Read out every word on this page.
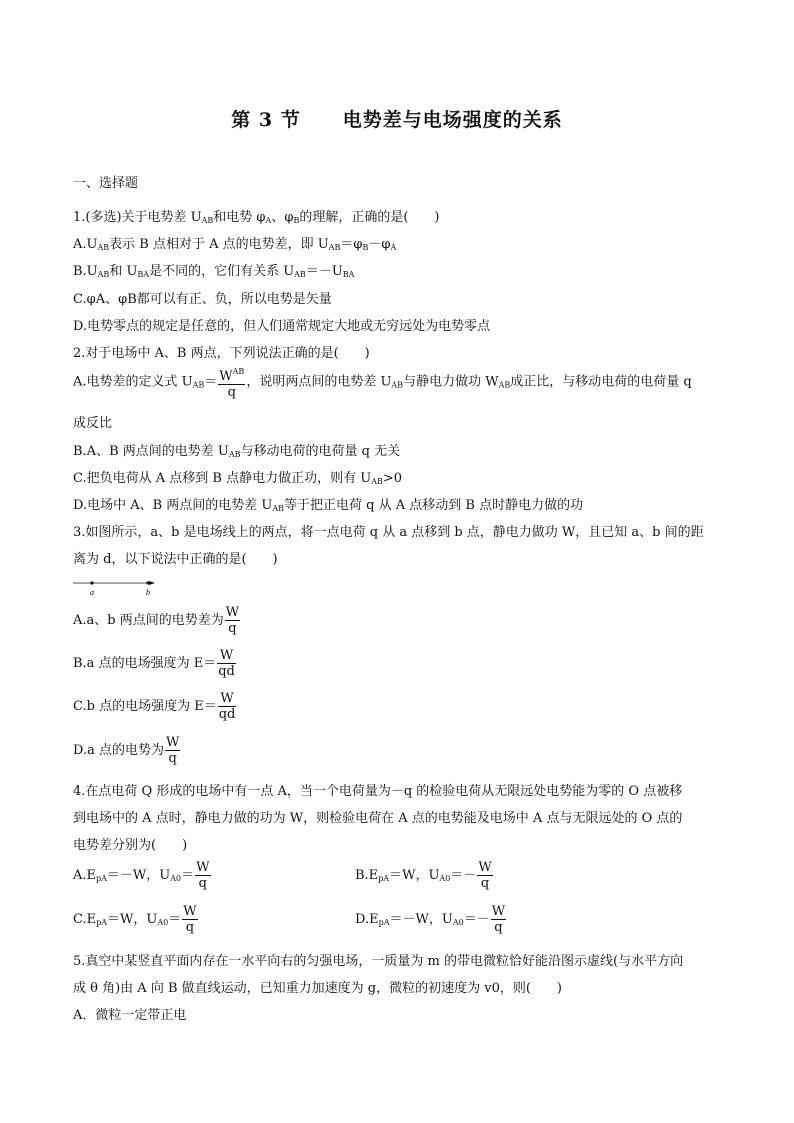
第 3 节 电势差与电场强度的关系
一、选择题
1.(多选)关于电势差 $U_{AB}$和电势 $\varphi_A$、$\varphi_B$的理解，正确的是(　　)
$A.U_{AB}$表示 B 点相对于 A 点的电势差，即 $U_{AB}=\varphi_B-\varphi_A$
$B.U_{AB}$和 $U_{BA}$是不同的，它们有关系 $U_{AB}=-U_{BA}$
C.φA、φB都可以有正、负，所以电势是矢量
D.电势零点的规定是任意的，但人们通常规定大地或无穷远处为电势零点
2.对于电场中 A、B 两点，下列说法正确的是(　　)
A.电势差的定义式 $U_{AB}= \frac{W^{AB}}{q}$ ，说明两点间的电势差 $U_{AB}$与静电力做功 $W_{AB}$成正比，与移动电荷的电荷量 q
成反比
B.A、B 两点间的电势差 $U_{AB}$与移动电荷的电荷量 q 无关
C.把负电荷从 A 点移到 B 点静电力做正功，则有 $U_{AB}>0$
D.电场中 A、B 两点间的电势差 $U_{AB}$等于把正电荷 q 从 A 点移动到 B 点时静电力做的功
3.如图所示，a、b 是电场线上的两点，将一点电荷 q 从 a 点移到 b 点，静电力做功 W，且已知 a、b 间的距
离为 d，以下说法中正确的是(　　)
a	b
A.a、b 两点间的电势差为 $\frac{W}{q}$
B.a 点的电场强度为 $E= \frac{W}{qd}$
C.b 点的电场强度为 $E= \frac{W}{qd}$
D.a 点的电势为 $\frac{W}{q}$
4.在点电荷 Q 形成的电场中有一点 A，当一个电荷量为－q 的检验电荷从无限远处电势能为零的 O 点被移
到电场中的 A 点时，静电力做的功为 W，则检验电荷在 A 点的电势能及电场中 A 点与无限远处的 O 点的
电势差分别为(　　)
$A.E_{pA}=-W$，$U_{A0}= \frac{W}{q}$	$B.E_{pA}=W$，$U_{A0}=- \frac{W}{q}$
$C.E_{pA}=W$，$U_{A0}= \frac{W}{q}$	$D.E_{pA}=-W$，$U_{A0}=- \frac{W}{q}$
5.真空中某竖直平面内存在一水平向右的匀强电场，一质量为 m 的带电微粒恰好能沿图示虚线(与水平方向
成 θ 角)由 A 向 B 做直线运动，已知重力加速度为 g，微粒的初速度为 v0，则(　　)
A．微粒一定带正电
